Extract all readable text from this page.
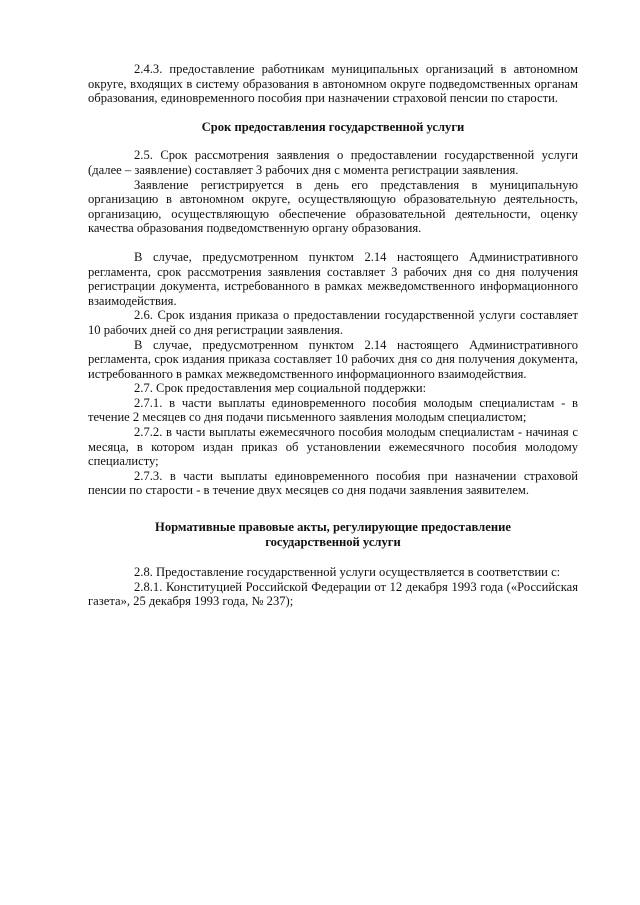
2.4.3. предоставление работникам муниципальных организаций в автономном округе, входящих в систему образования в автономном округе подведомственных органам образования, единовременного пособия при назначении страховой пенсии по старости.

Срок предоставления государственной услуги

2.5. Срок рассмотрения заявления о предоставлении государственной услуги (далее – заявление) составляет 3 рабочих дня с момента регистрации заявления.

Заявление регистрируется в день его представления в муниципальную организацию в автономном округе, осуществляющую образовательную деятельность, организацию, осуществляющую обеспечение образовательной деятельности, оценку качества образования подведомственную органу образования.

В случае, предусмотренном пунктом 2.14 настоящего Административного регламента, срок рассмотрения заявления составляет 3 рабочих дня со дня получения регистрации документа, истребованного в рамках межведомственного информационного взаимодействия.

2.6. Срок издания приказа о предоставлении государственной услуги составляет 10 рабочих дней со дня регистрации заявления.

В случае, предусмотренном пунктом 2.14 настоящего Административного регламента, срок издания приказа составляет 10 рабочих дня со дня получения документа, истребованного в рамках межведомственного информационного взаимодействия.

2.7. Срок предоставления мер социальной поддержки:

2.7.1. в части выплаты единовременного пособия молодым специалистам - в течение 2 месяцев со дня подачи письменного заявления молодым специалистом;

2.7.2. в части выплаты ежемесячного пособия молодым специалистам - начиная с месяца, в котором издан приказ об установлении ежемесячного пособия молодому специалисту;

2.7.3. в части выплаты единовременного пособия при назначении страховой пенсии по старости - в течение двух месяцев со дня подачи заявления заявителем.

Нормативные правовые акты, регулирующие предоставление
государственной услуги

2.8. Предоставление государственной услуги осуществляется в соответствии с:

2.8.1. Конституцией Российской Федерации от 12 декабря 1993 года («Российская газета», 25 декабря 1993 года, № 237);
